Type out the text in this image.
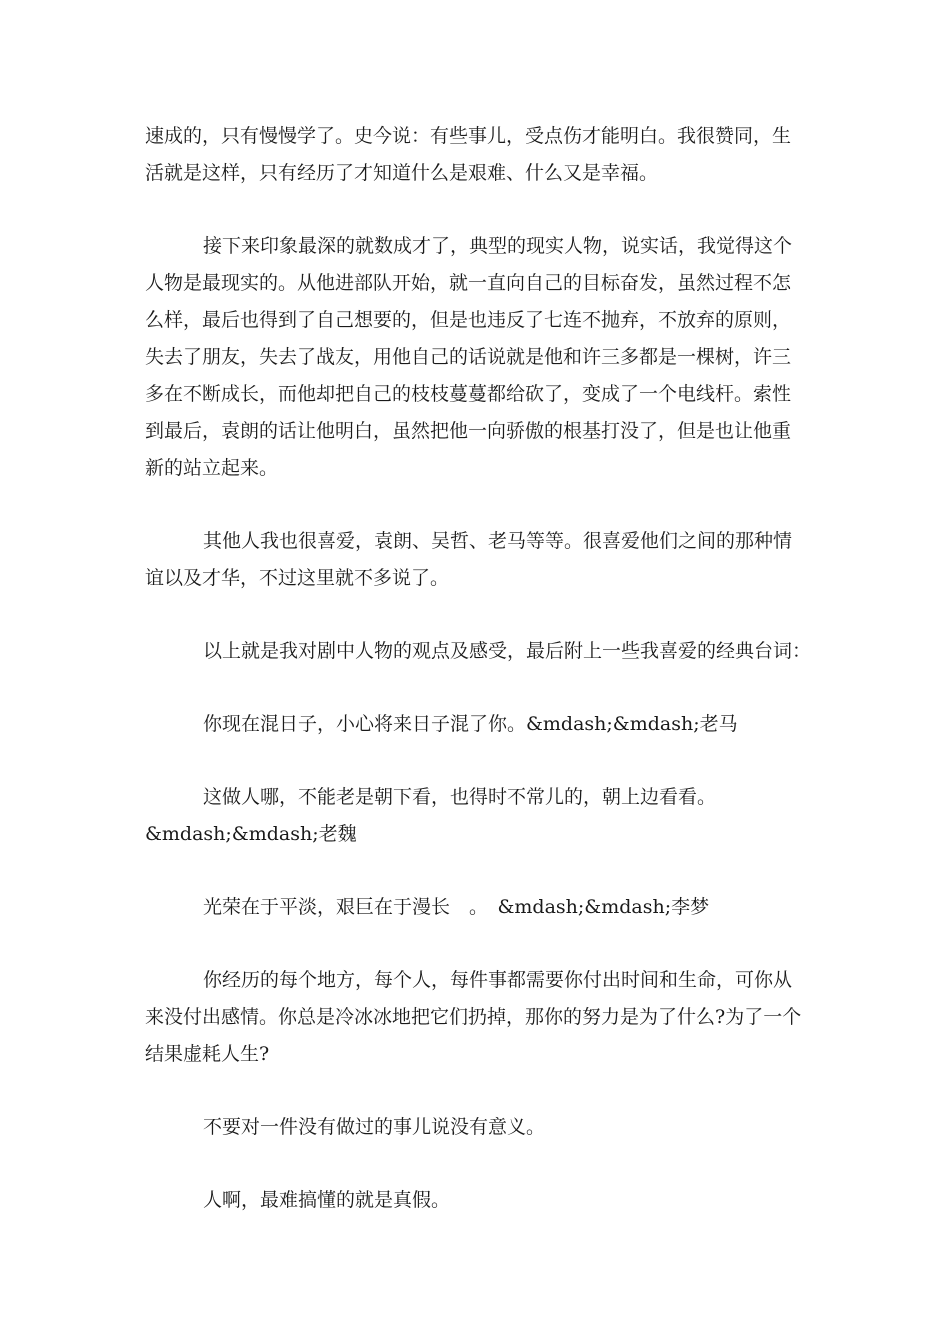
速成的，只有慢慢学了。史今说：有些事儿，受点伤才能明白。我很赞同，生
活就是这样，只有经历了才知道什么是艰难、什么又是幸福。

接下来印象最深的就数成才了，典型的现实人物，说实话，我觉得这个
人物是最现实的。从他进部队开始，就一直向自己的目标奋发，虽然过程不怎
么样，最后也得到了自己想要的，但是也违反了七连不抛弃，不放弃的原则，
失去了朋友，失去了战友，用他自己的话说就是他和许三多都是一棵树，许三
多在不断成长，而他却把自己的枝枝蔓蔓都给砍了，变成了一个电线杆。索性
到最后，袁朗的话让他明白，虽然把他一向骄傲的根基打没了，但是也让他重
新的站立起来。

其他人我也很喜爱，袁朗、吴哲、老马等等。很喜爱他们之间的那种情
谊以及才华，不过这里就不多说了。

以上就是我对剧中人物的观点及感受，最后附上一些我喜爱的经典台词：

你现在混日子，小心将来日子混了你。&mdash;&mdash;老马

这做人哪，不能老是朝下看，也得时不常儿的，朝上边看看。
&mdash;&mdash;老魏

光荣在于平淡，艰巨在于漫长　。　&mdash;&mdash;李梦

你经历的每个地方，每个人，每件事都需要你付出时间和生命，可你从
来没付出感情。你总是冷冰冰地把它们扔掉，那你的努力是为了什么?为了一个
结果虚耗人生?

不要对一件没有做过的事儿说没有意义。

人啊，最难搞懂的就是真假。
